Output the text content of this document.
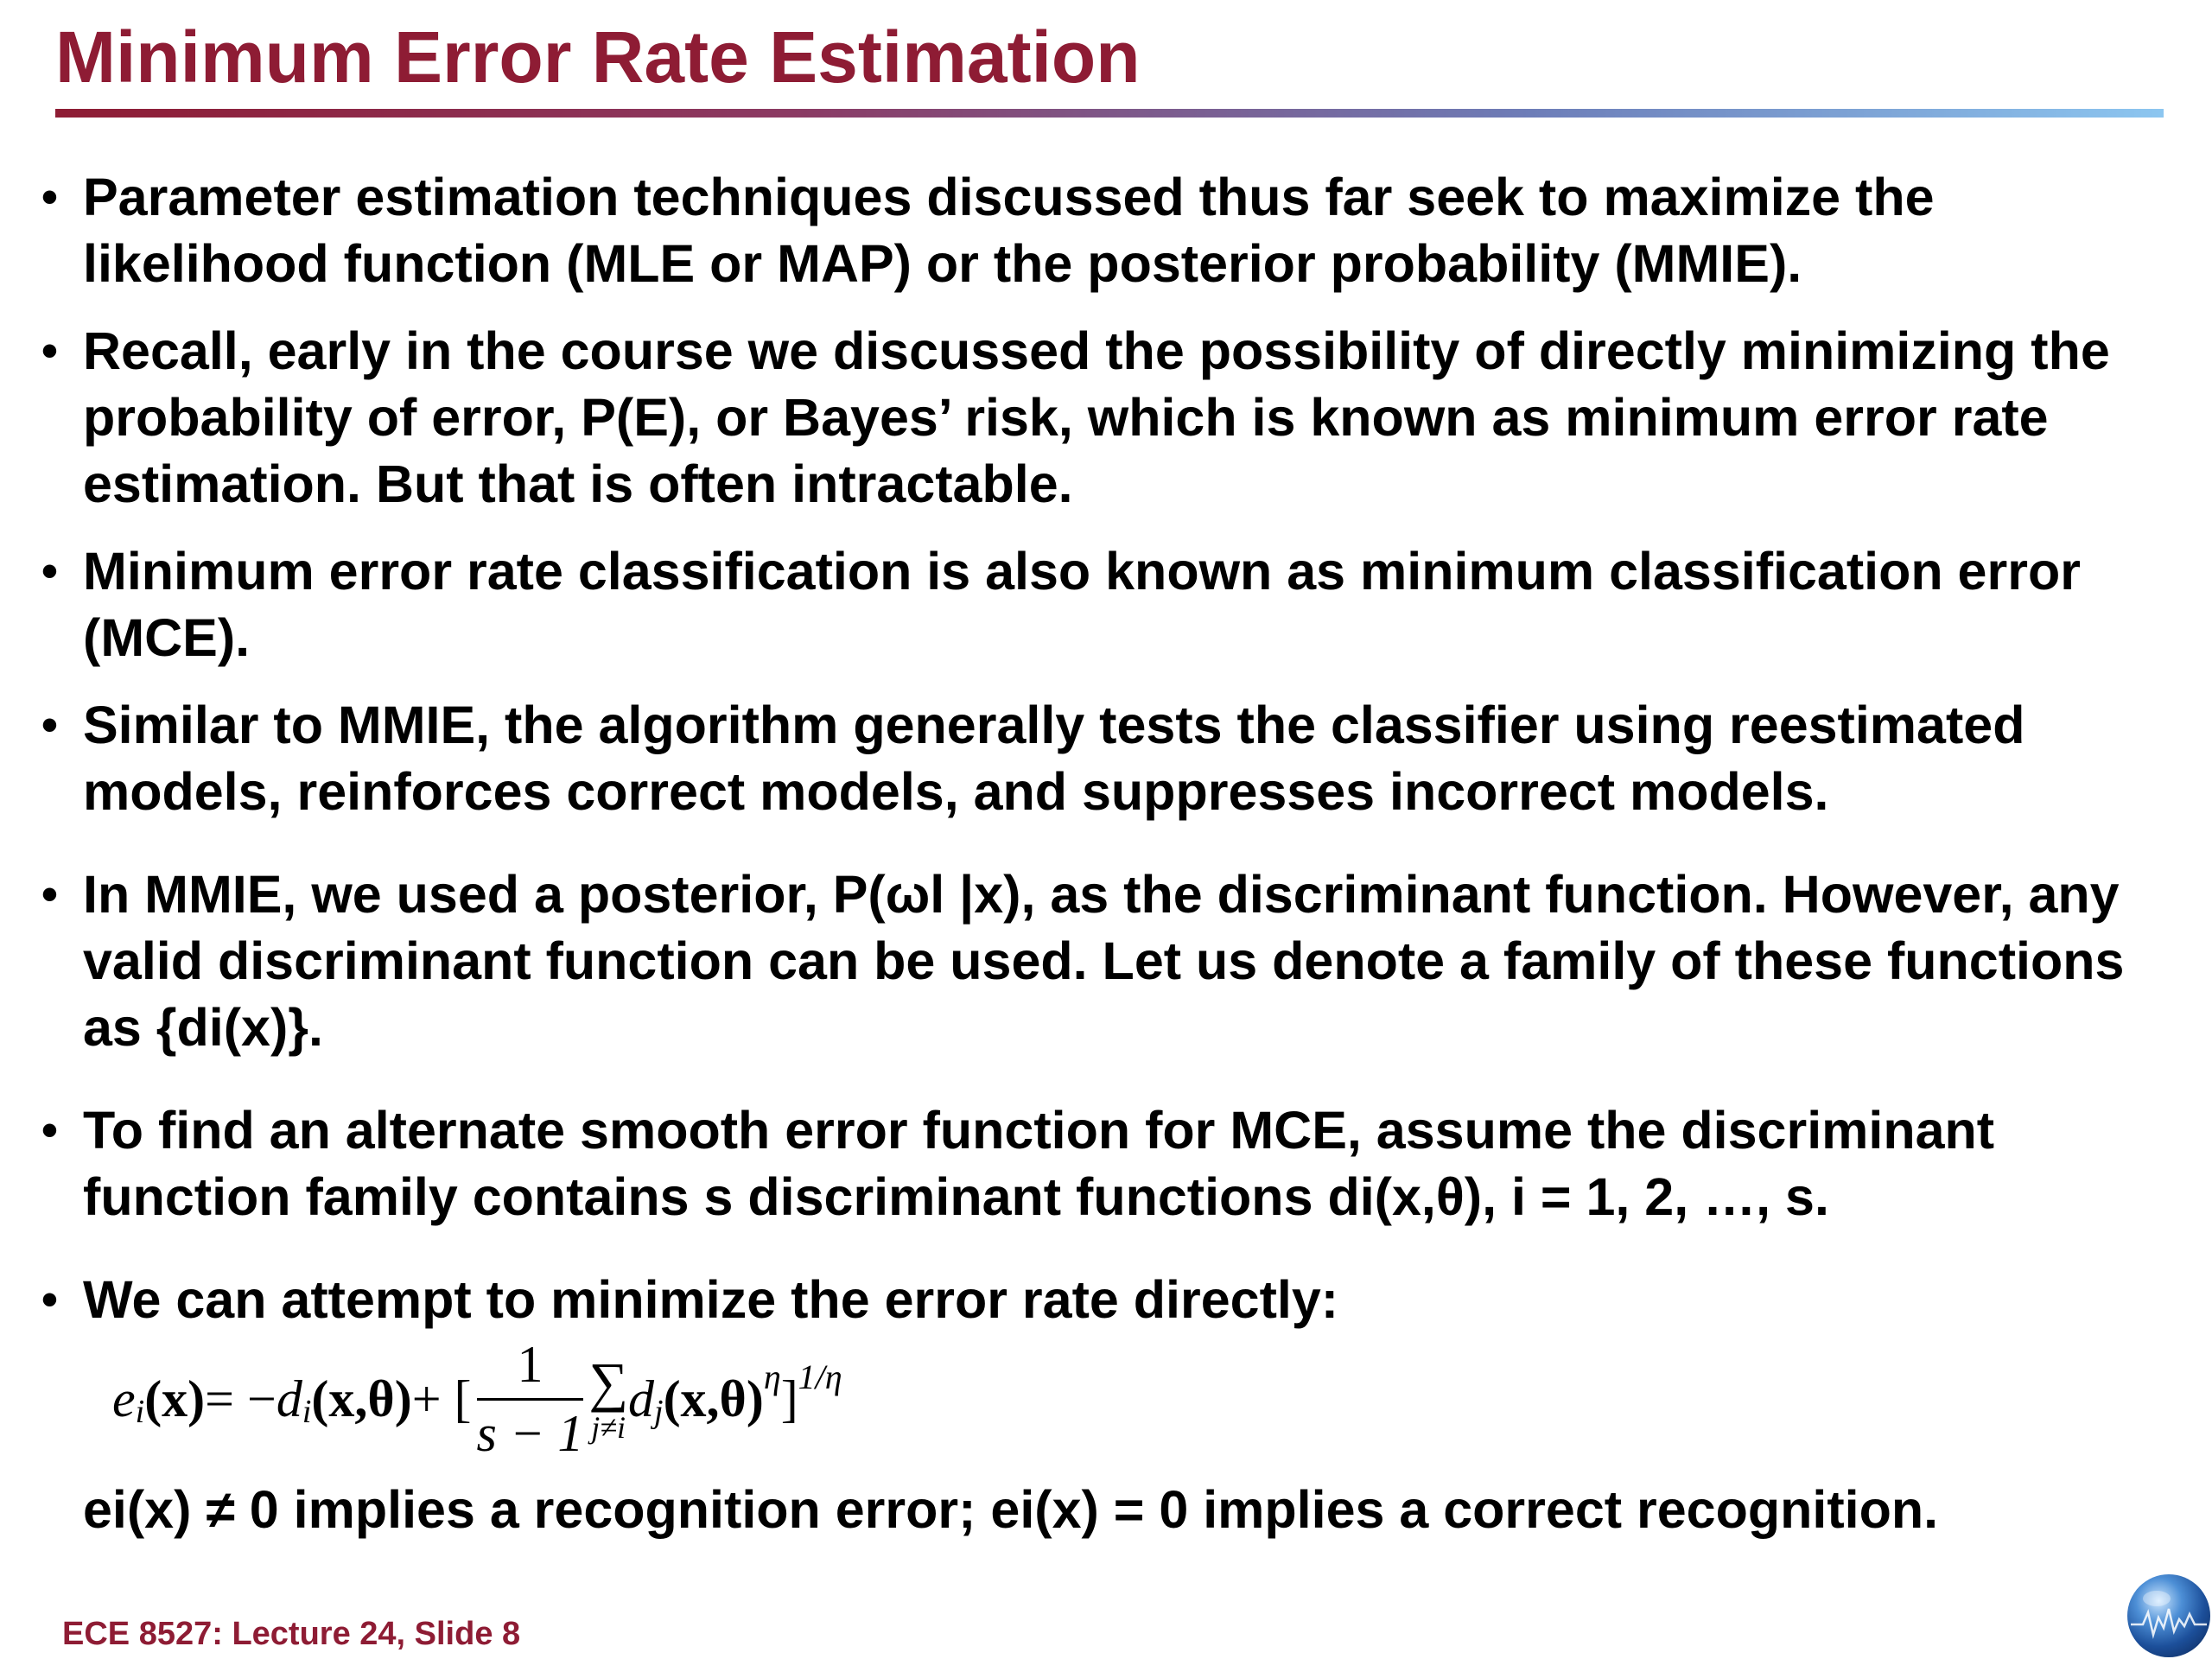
Minimum Error Rate Estimation
• Parameter estimation techniques discussed thus far seek to maximize the likelihood function (MLE or MAP) or the posterior probability (MMIE).
• Recall, early in the course we discussed the possibility of directly minimizing the probability of error, P(E), or Bayes’ risk, which is known as minimum error rate estimation. But that is often intractable.
• Minimum error rate classification is also known as minimum classification error (MCE).
• Similar to MMIE, the algorithm generally tests the classifier using reestimated models, reinforces correct models, and suppresses incorrect models.
• In MMIE, we used a posterior, P(ωl |x), as the discriminant function. However, any valid discriminant function can be used. Let us denote a family of these functions as {di(x)}.
• To find an alternate smooth error function for MCE, assume the discriminant function family contains s discriminant functions di(x,θ), i = 1, 2, …, s.
• We can attempt to minimize the error rate directly:
e i (x) = − d i (x,θ) + [ $\frac{1}{s - 1}$ ∑
j≠i d j (x,θ) η ] 1/η
ei(x) ≠ 0 implies a recognition error; ei(x) = 0 implies a correct recognition.
ECE 8527: Lecture 24, Slide 8
